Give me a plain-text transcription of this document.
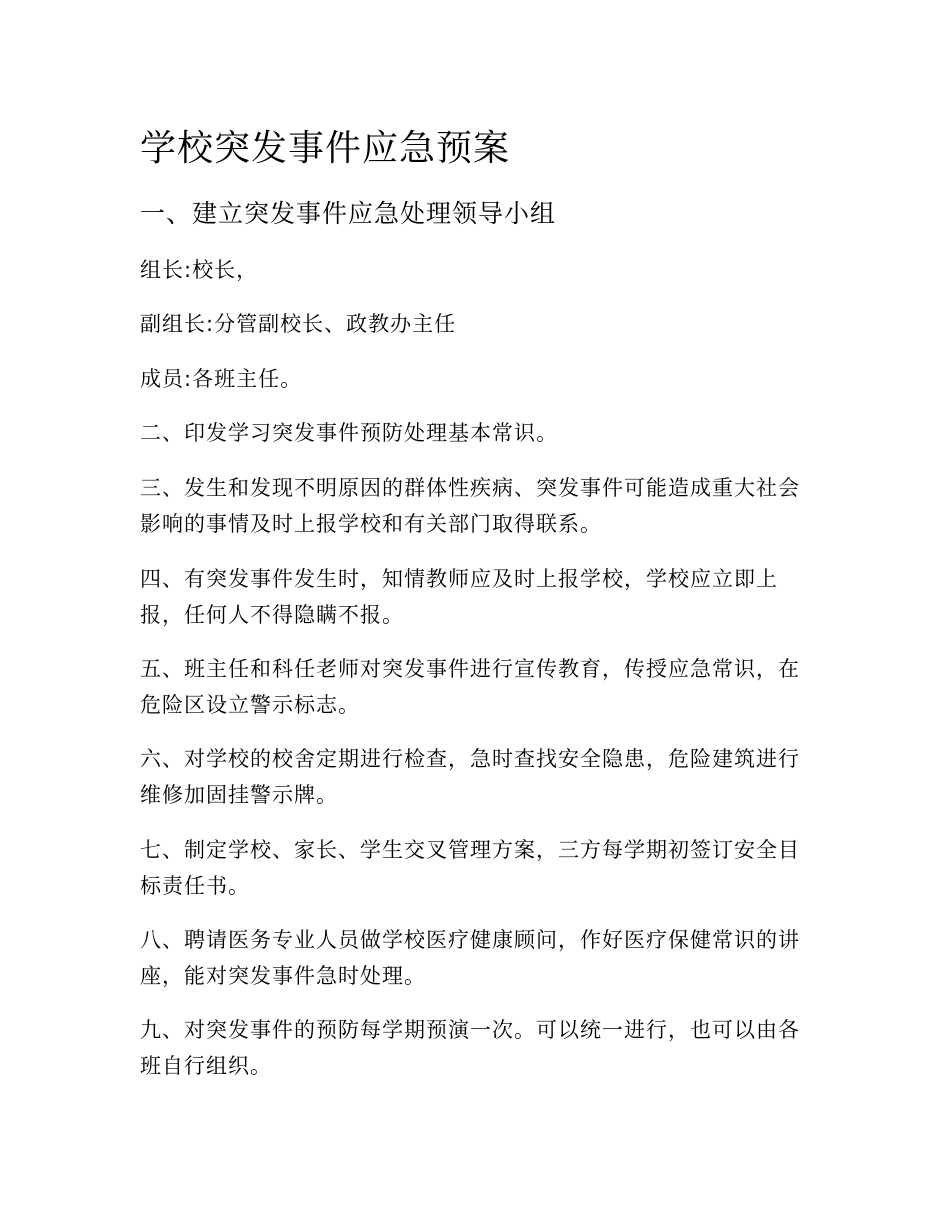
学校突发事件应急预案
一、建立突发事件应急处理领导小组

组长:校长，

副组长:分管副校长、政教办主任

成员:各班主任。

二、印发学习突发事件预防处理基本常识。

三、发生和发现不明原因的群体性疾病、突发事件可能造成重大社会影响的事情及时上报学校和有关部门取得联系。

四、有突发事件发生时，知情教师应及时上报学校，学校应立即上报，任何人不得隐瞒不报。

五、班主任和科任老师对突发事件进行宣传教育，传授应急常识，在危险区设立警示标志。

六、对学校的校舍定期进行检查，急时查找安全隐患，危险建筑进行维修加固挂警示牌。

七、制定学校、家长、学生交叉管理方案，三方每学期初签订安全目标责任书。

八、聘请医务专业人员做学校医疗健康顾问，作好医疗保健常识的讲座，能对突发事件急时处理。

九、对突发事件的预防每学期预演一次。可以统一进行，也可以由各班自行组织。
